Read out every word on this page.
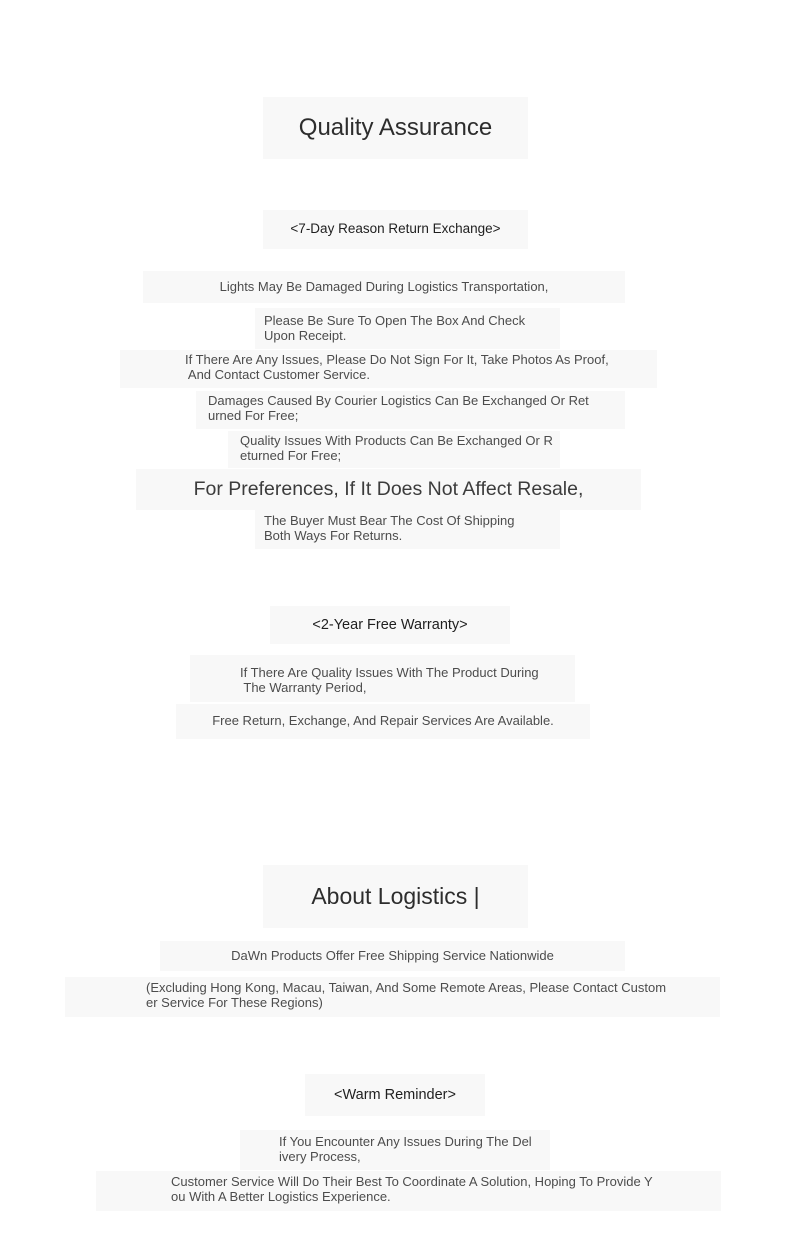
Quality Assurance
<7-Day Reason Return Exchange>
Lights May Be Damaged During Logistics Transportation,
Please Be Sure To Open The Box And Check
Upon Receipt.
If There Are Any Issues, Please Do Not Sign For It, Take Photos As Proof,
And Contact Customer Service.
Damages Caused By Courier Logistics Can Be Exchanged Or Ret
urned For Free;
Quality Issues With Products Can Be Exchanged Or R
eturned For Free;
For Preferences, If It Does Not Affect Resale,
The Buyer Must Bear The Cost Of Shipping
Both Ways For Returns.
<2-Year Free Warranty>
If There Are Quality Issues With The Product During
The Warranty Period,
Free Return, Exchange, And Repair Services Are Available.
About Logistics |
DaWn Products Offer Free Shipping Service Nationwide
(Excluding Hong Kong, Macau, Taiwan, And Some Remote Areas, Please Contact Custom
er Service For These Regions)
<Warm Reminder>
If You Encounter Any Issues During The Del
ivery Process,
Customer Service Will Do Their Best To Coordinate A Solution, Hoping To Provide Y
ou With A Better Logistics Experience.
